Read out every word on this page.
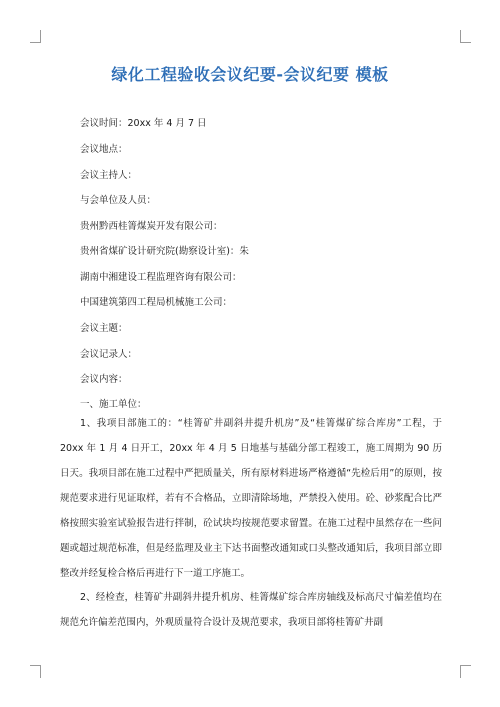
绿化工程验收会议纪要-会议纪要 模板

会议时间：20xx 年 4 月 7 日

会议地点：

会议主持人：

与会单位及人员：

贵州黔西桂箐煤炭开发有限公司：

贵州省煤矿设计研究院(勘察设计室)：朱

湖南中湘建设工程监理咨询有限公司：

中国建筑第四工程局机械施工公司：

会议主题：

会议记录人：

会议内容：

一、施工单位：

1、我项目部施工的：“桂箐矿井副斜井提升机房”及“桂箐煤矿综合库房”工程，于 20xx 年 1 月 4 日开工，20xx 年 4 月 5 日地基与基础分部工程竣工，施工周期为 90 历日天。我项目部在施工过程中严把质量关，所有原材料进场严格遵循“先检后用”的原则，按规范要求进行见证取样，若有不合格品，立即清除场地，严禁投入使用。砼、砂浆配合比严格按照实验室试验报告进行拌制，砼试块均按规范要求留置。在施工过程中虽然存在一些问题或超过规范标准，但是经监理及业主下达书面整改通知或口头整改通知后，我项目部立即整改并经复检合格后再进行下一道工序施工。

2、经检查，桂箐矿井副斜井提升机房、桂箐煤矿综合库房轴线及标高尺寸偏差值均在规范允许偏差范围内，外观质量符合设计及规范要求，我项目部将桂箐矿井副
